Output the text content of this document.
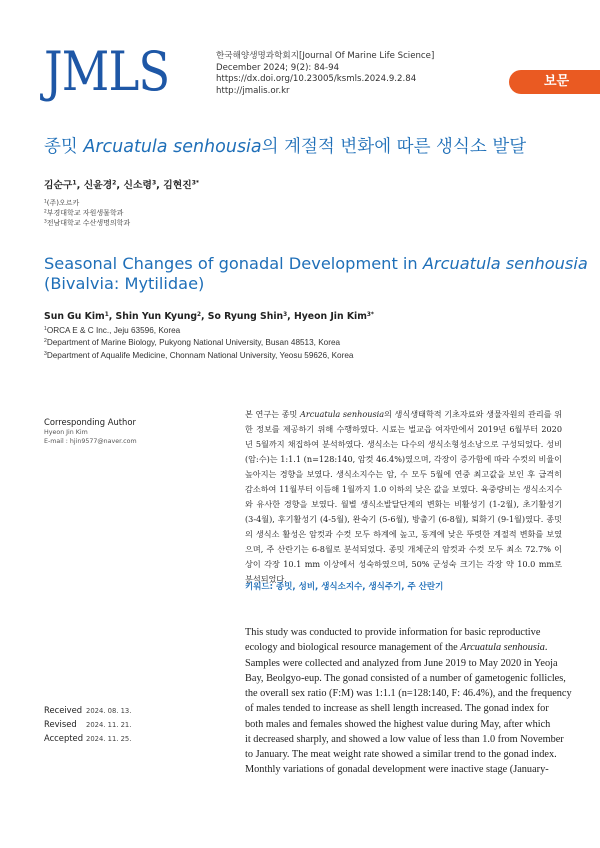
JMLS	한국해양생명과학회지[Journal Of Marine Life Science]
December 2024; 9(2): 84-94
https://dx.doi.org/10.23005/ksmls.2024.9.2.84
http://jmalis.or.kr
보문
종밋 Arcuatula senhousia의 계절적 변화에 따른 생식소 발달
김순구$^1$, 신윤경$^2$, 신소령$^3$, 김현진$^{3*}$
$^1$(주)오르카
$^2$부경대학교 자원생물학과
$^3$전남대학교 수산생명의학과
Seasonal Changes of gonadal Development in Arcuatula senhousia
(Bivalvia: Mytilidae)
Sun Gu Kim$^1$, Shin Yun Kyung$^2$, So Ryung Shin$^3$, Hyeon Jin Kim$^{3*}$
$^1$ORCA E & C Inc., Jeju 63596, Korea
$^2$Department of Marine Biology, Pukyong National University, Busan 48513, Korea
$^3$Department of Aqualife Medicine, Chonnam National University, Yeosu 59626, Korea
Corresponding Author
Hyeon Jin Kim
E-mail : hjin9577@naver.com
본 연구는 종밋 Arcuatula senhousia의 생식생태학적 기초자료와 생물자원의 관리를 위한 정보를 제공하기 위해 수행하였다. 시료는 벌교읍 여자만에서 2019년 6월부터 2020년 5월까지 채집하여 분석하였다. 생식소는 다수의 생식소형성소낭으로 구성되었다. 성비 (암:수)는 1:1.1 (n=128:140, 암컷 46.4%)였으며, 각장이 증가함에 따라 수컷의 비율이 높아지는 경향을 보였다. 생식소지수는 암, 수 모두 5월에 연중 최고값을 보인 후 급격히 감소하여 11월부터 이듬해 1월까지 1.0 이하의 낮은 값을 보였다. 육중량비는 생식소지수와 유사한 경향을 보였다. 월별 생식소발달단계의 변화는 비활성기 (1-2월), 초기활성기 (3-4월), 후기활성기 (4-5월), 완숙기 (5-6월), 방출기 (6-8월), 퇴화기 (9-1월)였다. 종밋의 생식소 활성은 암컷과 수컷 모두 하계에 높고, 동계에 낮은 뚜렷한 계절적 변화를 보였으며, 주 산란기는 6-8월로 분석되었다. 종밋 개체군의 암컷과 수컷 모두 최소 72.7% 이상이 각장 10.1 mm 이상에서 성숙하였으며, 50% 군성숙 크기는 각장 약 10.0 mm로 분석되었다.
키워드: 종밋, 성비, 생식소지수, 생식주기, 주 산란기
This study was conducted to provide information for basic reproductive
ecology and biological resource management of the Arcuatula senhousia.
Samples were collected and analyzed from June 2019 to May 2020 in Yeoja
Bay, Beolgyo-eup. The gonad consisted of a number of gametogenic follicles,
the overall sex ratio (F:M) was 1:1.1 (n=128:140, F: 46.4%), and the frequency
of males tended to increase as shell length increased. The gonad index for
both males and females showed the highest value during May, after which
it decreased sharply, and showed a low value of less than 1.0 from November
to January. The meat weight rate showed a similar trend to the gonad index.
Monthly variations of gonadal development were inactive stage (January-
Received 2024. 08. 13.
Revised 2024. 11. 21.
Accepted 2024. 11. 25.
